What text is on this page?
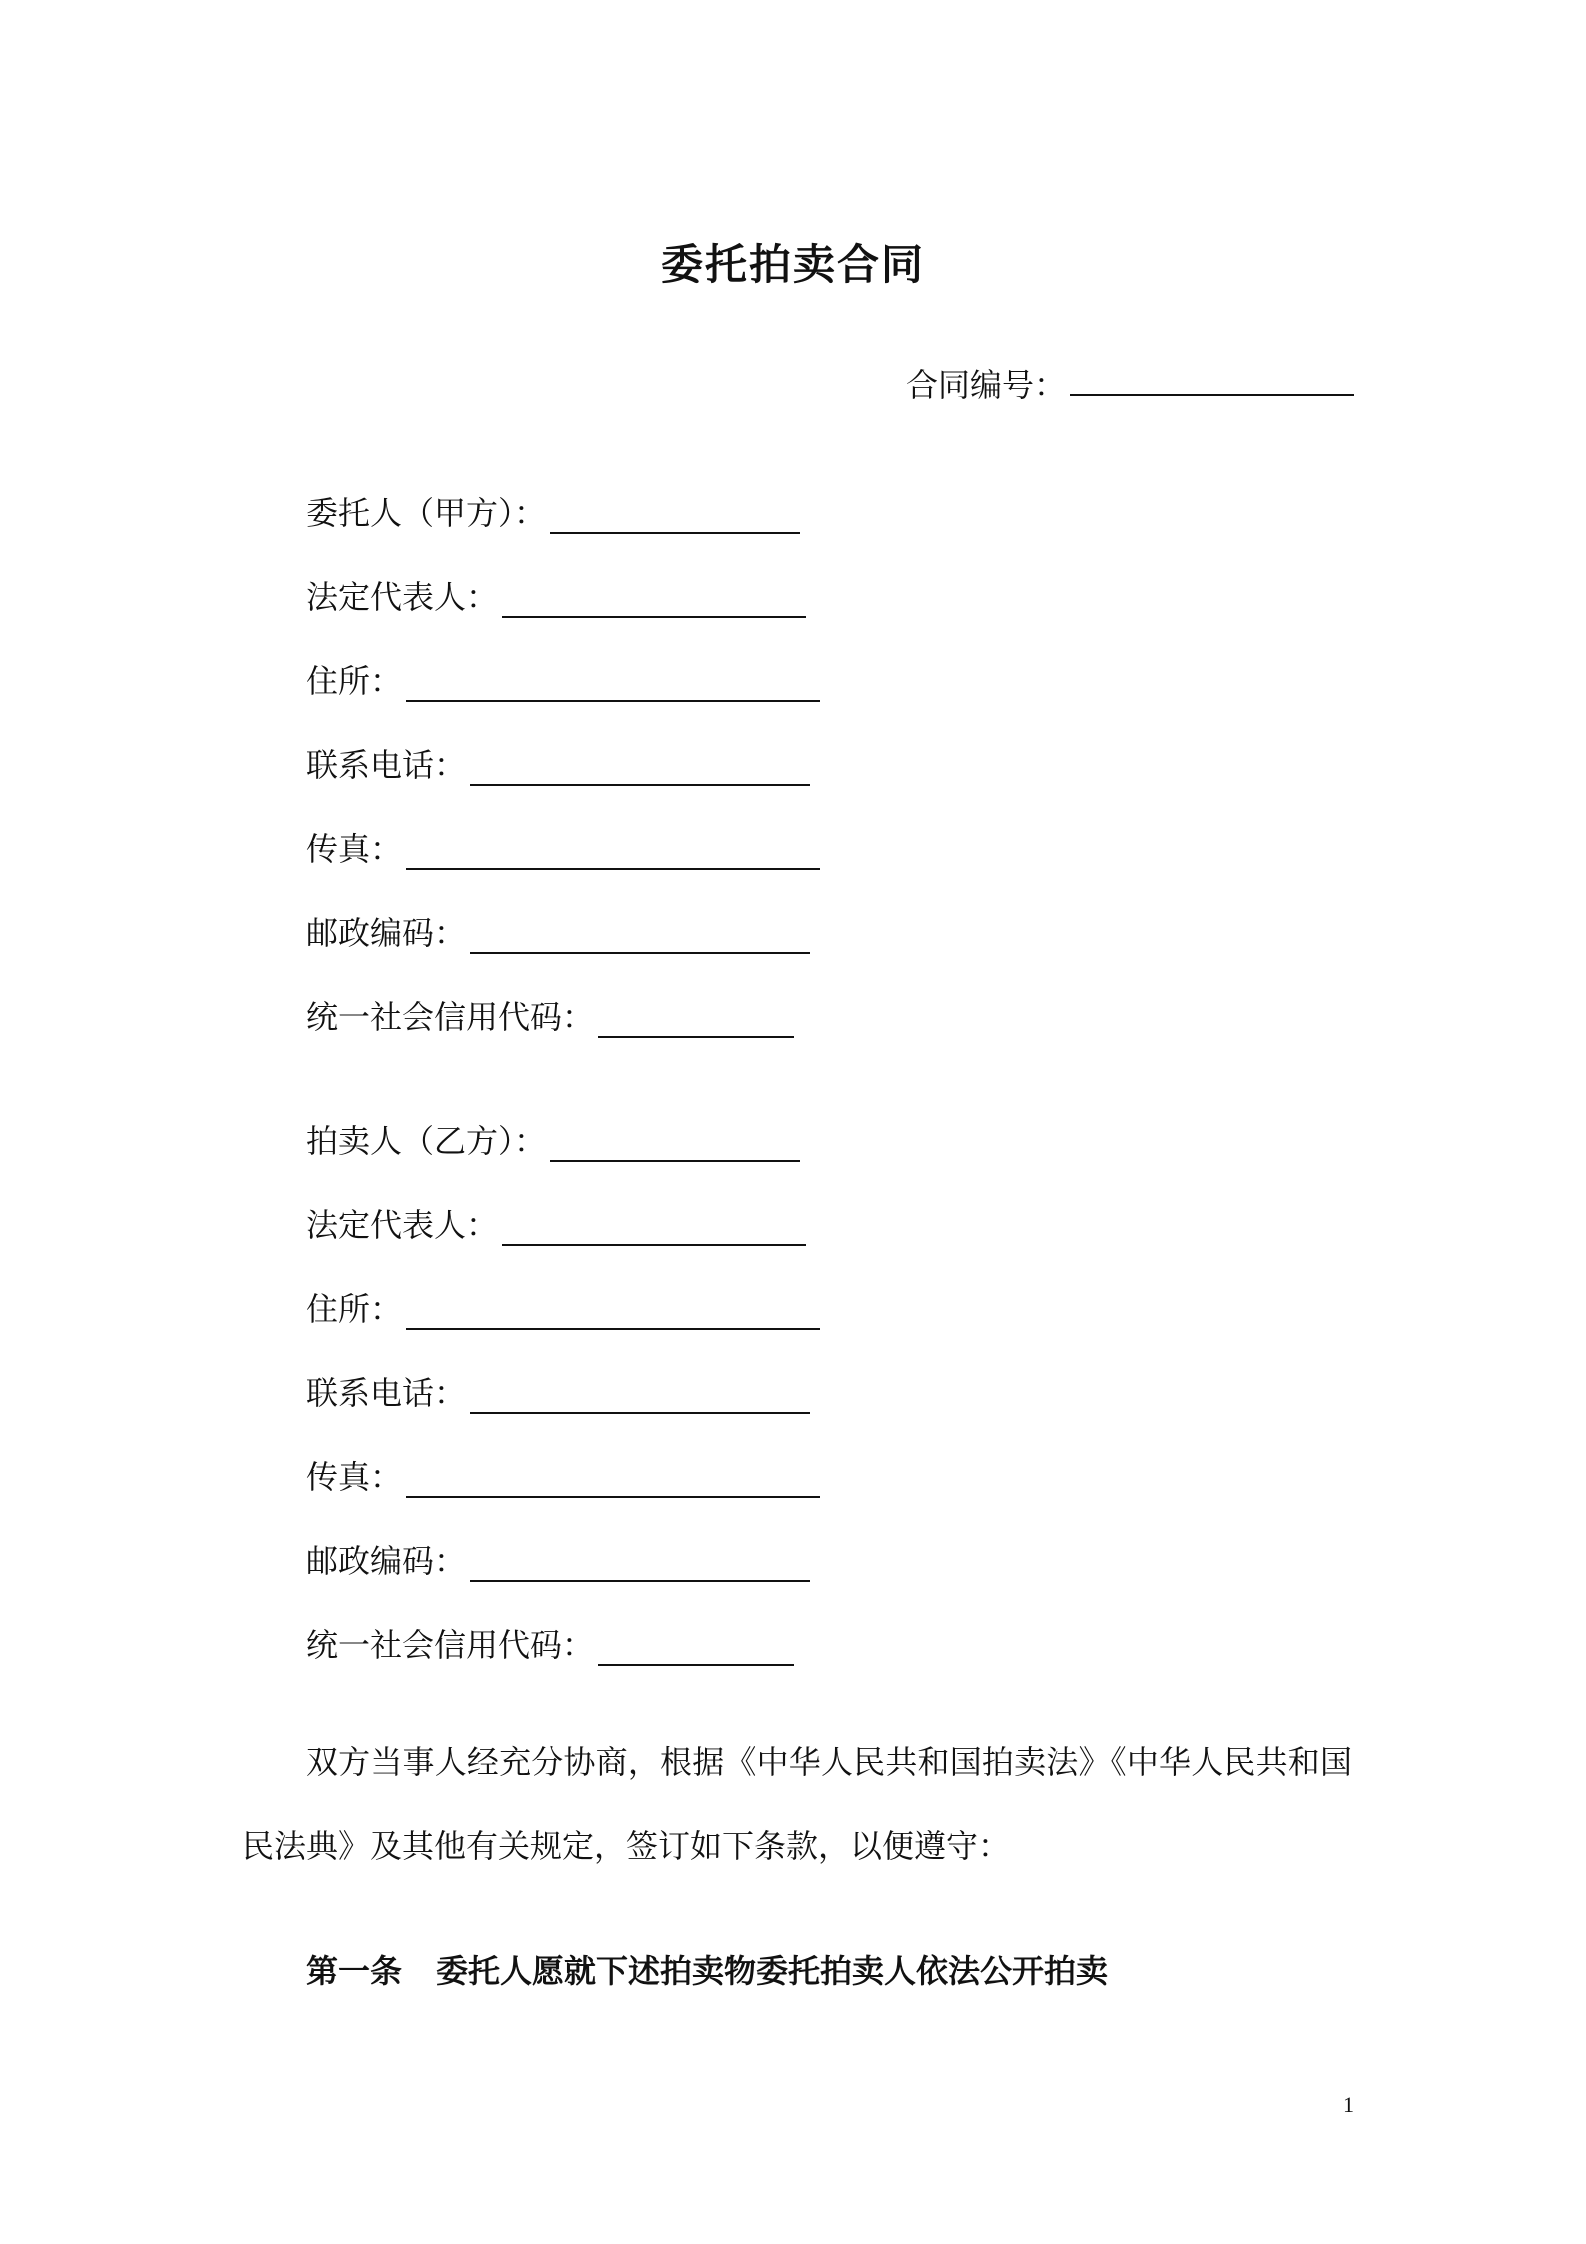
委托拍卖合同
合同编号：
委托人（甲方）：
法定代表人：
住所：
联系电话：
传真：
邮政编码：
统一社会信用代码：
拍卖人（乙方）：
法定代表人：
住所：
联系电话：
传真：
邮政编码：
统一社会信用代码：
双方当事人经充分协商，根据《中华人民共和国拍卖法》《中华人民共和国民法典》及其他有关规定，签订如下条款，以便遵守：
第一条 委托人愿就下述拍卖物委托拍卖人依法公开拍卖
1
